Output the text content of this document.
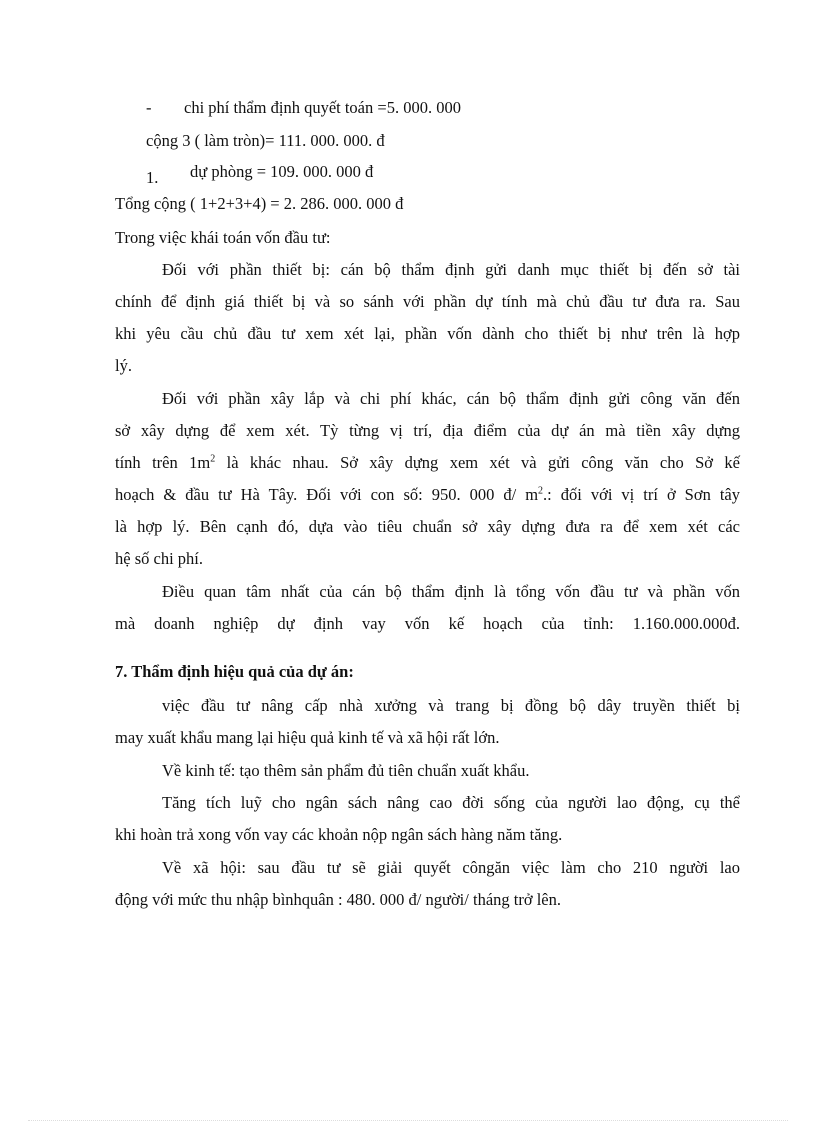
- chi phí thẩm định quyết toán =5. 000. 000
cộng 3 ( làm tròn)= 111. 000. 000. đ
1. dự phòng = 109. 000. 000 đ
Tổng cộng ( 1+2+3+4) = 2. 286. 000. 000 đ
Trong việc khái toán vốn đầu tư:
Đối với phần thiết bị: cán bộ thẩm định gửi danh mục thiết bị đến sở tài
chính để định giá thiết bị và so sánh với phần dự tính mà chủ đầu tư đưa ra. Sau
khi yêu cầu chủ đầu tư xem xét lại, phần vốn dành cho thiết bị như trên là hợp
lý.
Đối với phần xây lắp và chi phí khác, cán bộ thẩm định gửi công văn đến
sở xây dựng để xem xét. Tỳ từng vị trí, địa điểm của dự án mà tiền xây dựng
tính trên $1m^2$ là khác nhau. Sở xây dựng xem xét và gửi công văn cho Sở kế
hoạch & đầu tư Hà Tây. Đối với con số: 950. 000 đ/ $m^2$.: đối với vị trí ở Sơn tây
là hợp lý. Bên cạnh đó, dựa vào tiêu chuẩn sở xây dựng đưa ra để xem xét các
hệ số chi phí.
Điều quan tâm nhất của cán bộ thẩm định là tổng vốn đầu tư và phần vốn
mà doanh nghiệp dự định vay vốn kế hoạch của tỉnh: 1.160.000.000đ.
7. Thẩm định hiệu quả của dự án:
việc đầu tư nâng cấp nhà xưởng và trang bị đồng bộ dây truyền thiết bị
may xuất khẩu mang lại hiệu quả kinh tế và xã hội rất lớn.
Về kinh tế: tạo thêm sản phẩm đủ tiên chuẩn xuất khẩu.
Tăng tích luỹ cho ngân sách nâng cao đời sống của người lao động, cụ thể
khi hoàn trả xong vốn vay các khoản nộp ngân sách hàng năm tăng.
Về xã hội: sau đầu tư sẽ giải quyết côngăn việc làm cho 210 người lao
động với mức thu nhập bìnhquân : 480. 000 đ/ người/ tháng trở lên.
